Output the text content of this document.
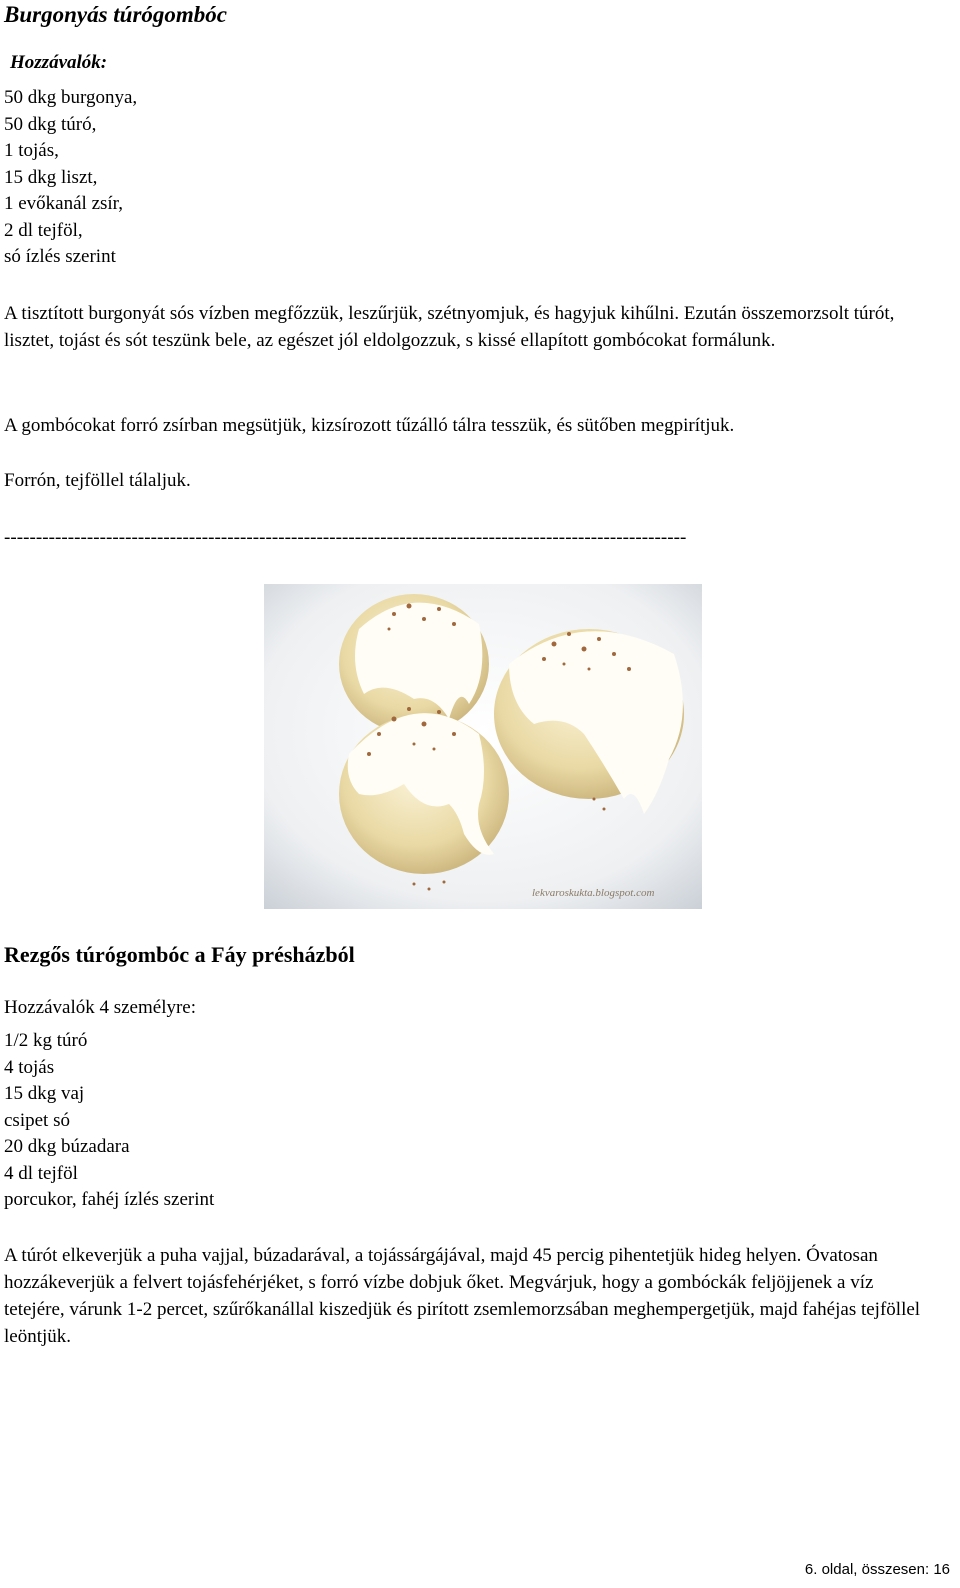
Burgonyás túrógombóc
Hozzávalók:
50 dkg burgonya,
50 dkg túró,
1 tojás,
15 dkg liszt,
1 evőkanál zsír,
2 dl tejföl,
só ízlés szerint
A tisztított burgonyát sós vízben megfőzzük, leszűrjük, szétnyomjuk, és hagyjuk kihűlni. Ezután összemorzsolt túrót, lisztet, tojást és sót teszünk bele, az egészet jól eldolgozzuk, s kissé ellapított gombócokat formálunk.
A gombócokat forró zsírban megsütjük, kizsírozott tűzálló tálra tesszük, és sütőben megpirítjuk.
Forrón, tejföllel tálaljuk.
-----------------------------------------------------------------------------------------------------------
lekvaroskukta.blogspot.com
Rezgős túrógombóc a Fáy présházból
Hozzávalók 4 személyre:
1/2 kg túró
4 tojás
15 dkg vaj
csipet só
20 dkg búzadara
4 dl tejföl
porcukor, fahéj ízlés szerint
A túrót elkeverjük a puha vajjal, búzadarával, a tojássárgájával, majd 45 percig pihentetjük hideg helyen. Óvatosan hozzákeverjük a felvert tojásfehérjéket, s forró vízbe dobjuk őket. Megvárjuk, hogy a gombóckák feljöjjenek a víz tetejére, várunk 1-2 percet, szűrőkanállal kiszedjük és pirított zsemlemorzsában meghempergetjük, majd fahéjas tejföllel leöntjük.
6. oldal, összesen: 16
